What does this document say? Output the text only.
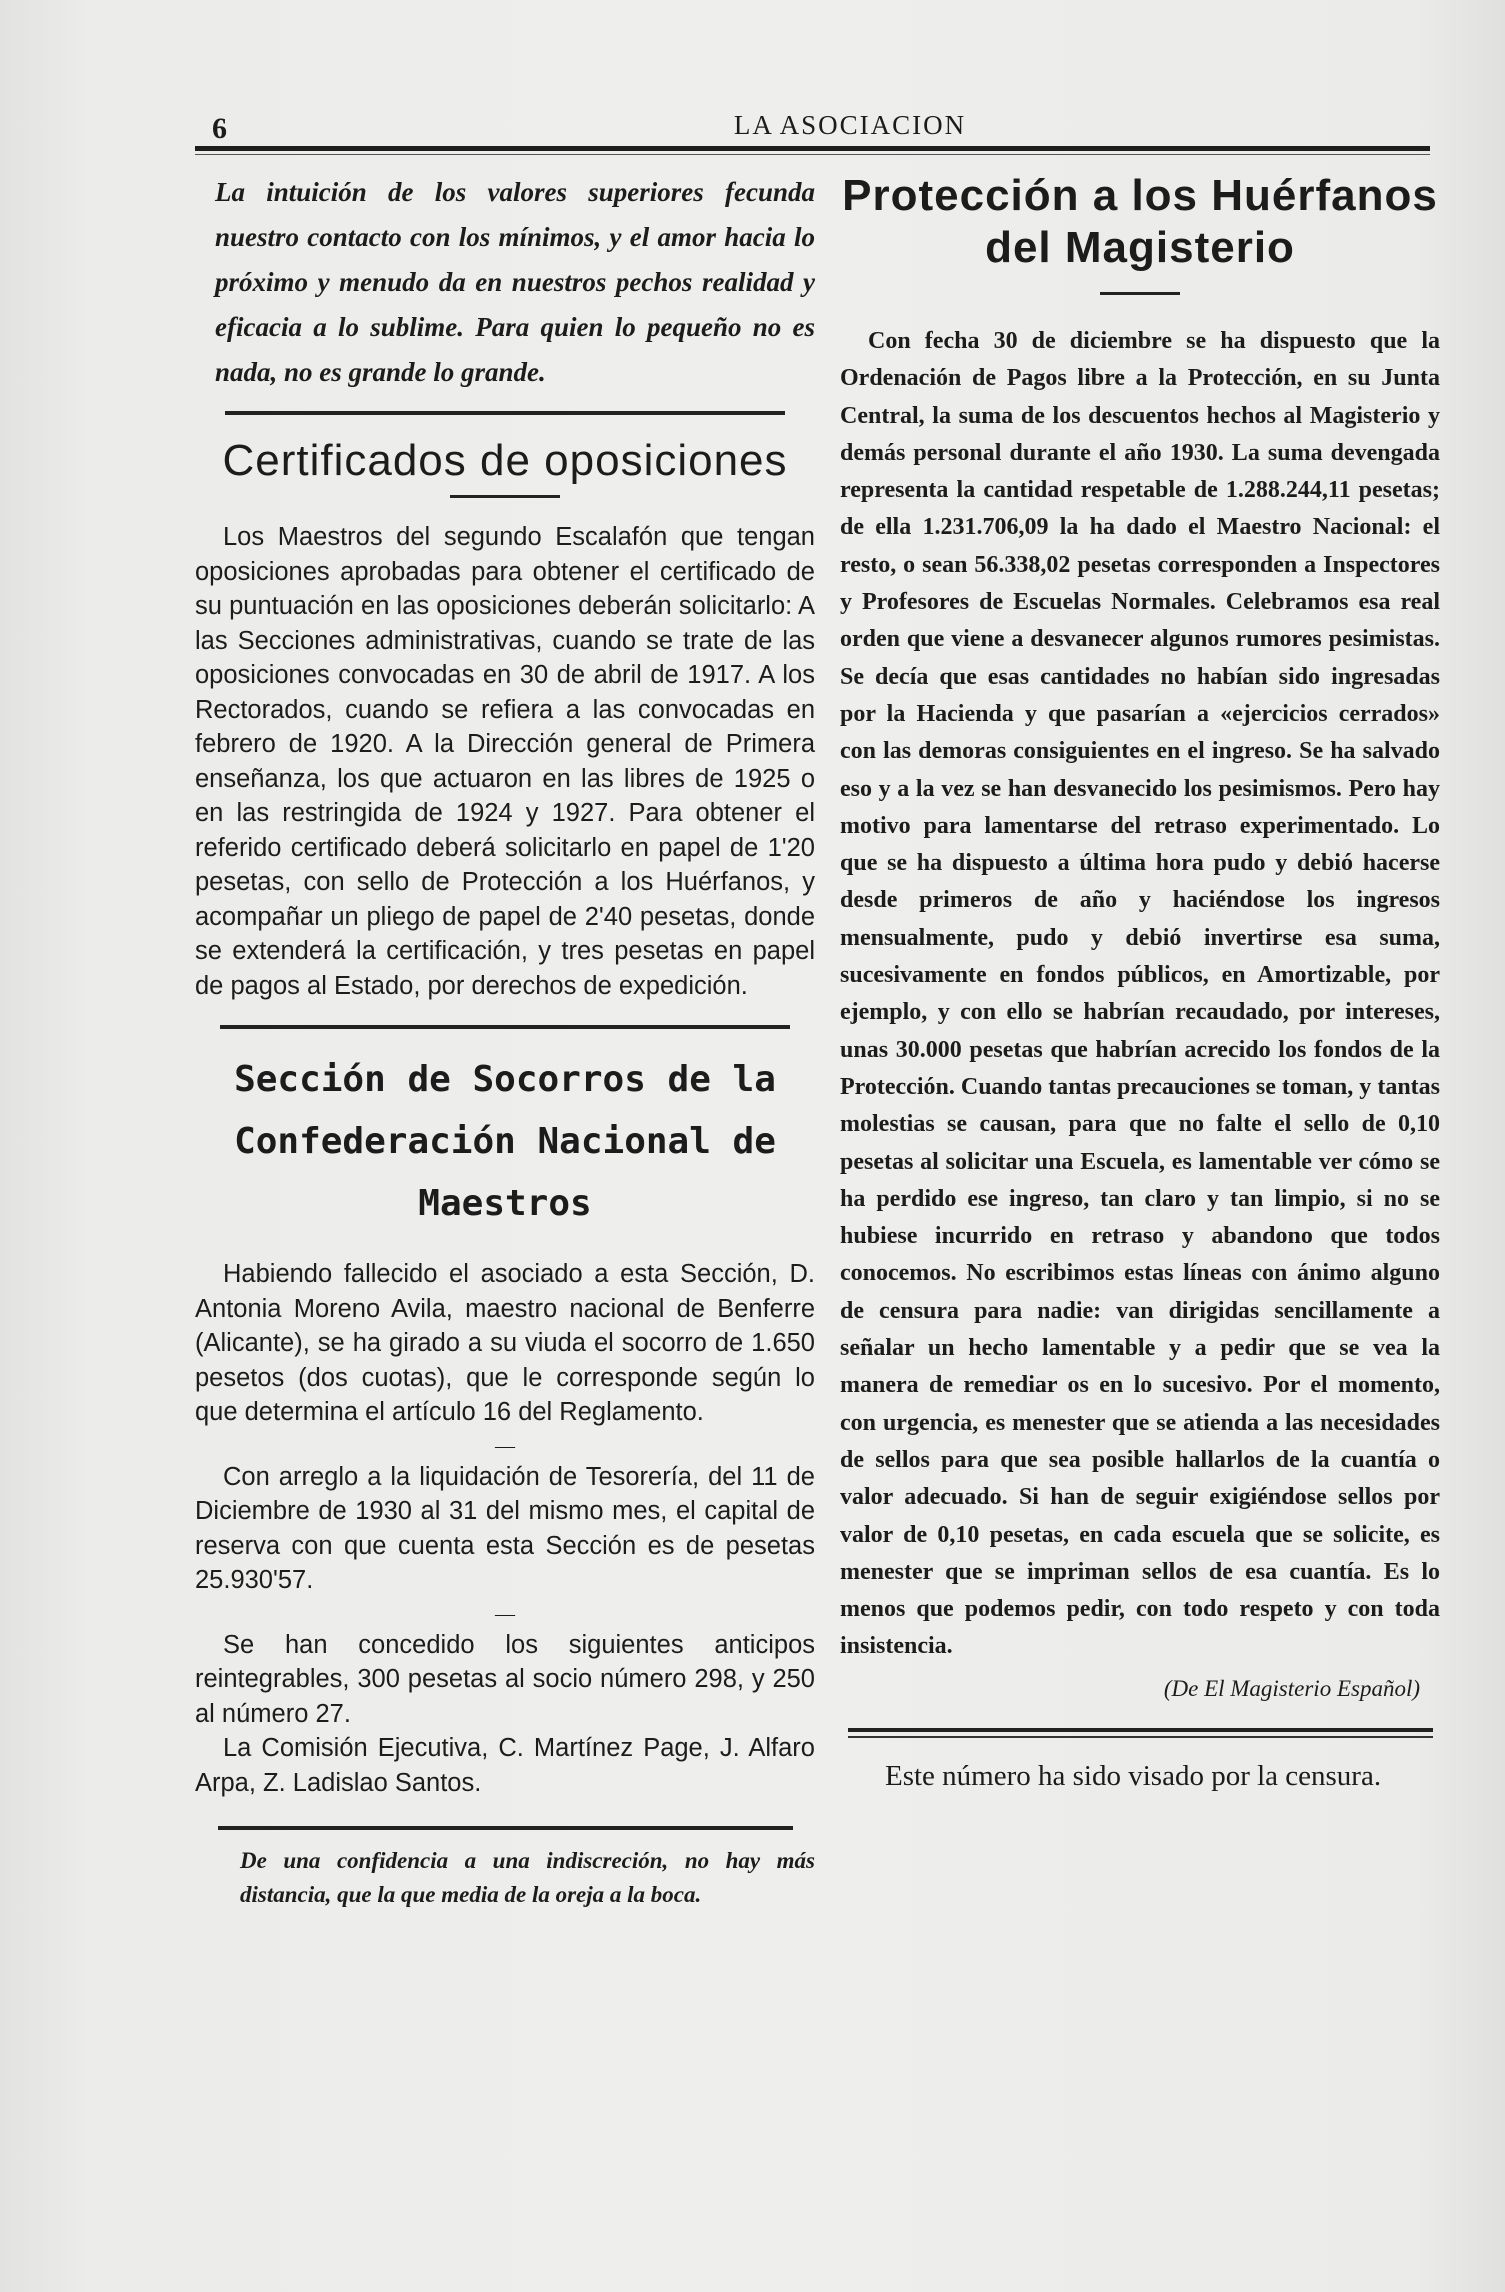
6	LA ASOCIACION

La intuición de los valores superiores fecunda nuestro contacto con los mínimos, y el amor hacia lo próximo y menudo da en nuestros pechos realidad y eficacia a lo sublime. Para quien lo pequeño no es nada, no es grande lo grande.

Certificados de oposiciones

Los Maestros del segundo Escalafón que tengan oposiciones aprobadas para obtener el certificado de su puntuación en las oposiciones deberán solicitarlo: A las Secciones administrativas, cuando se trate de las oposiciones convocadas en 30 de abril de 1917. A los Rectorados, cuando se refiera a las convocadas en febrero de 1920. A la Dirección general de Primera enseñanza, los que actuaron en las libres de 1925 o en las restringida de 1924 y 1927. Para obtener el referido certificado deberá solicitarlo en papel de 1'20 pesetas, con sello de Protección a los Huérfanos, y acompañar un pliego de papel de 2'40 pesetas, donde se extenderá la certificación, y tres pesetas en papel de pagos al Estado, por derechos de expedición.

Sección de Socorros de la
Confederación Nacional de Maestros

Habiendo fallecido el asociado a esta Sección, D. Antonia Moreno Avila, maestro nacional de Benferre (Alicante), se ha girado a su viuda el socorro de 1.650 pesetos (dos cuotas), que le corresponde según lo que determina el artículo 16 del Reglamento.

—

Con arreglo a la liquidación de Tesorería, del 11 de Diciembre de 1930 al 31 del mismo mes, el capital de reserva con que cuenta esta Sección es de pesetas 25.930'57.

—

Se han concedido los siguientes anticipos reintegrables, 300 pesetas al socio número 298, y 250 al número 27.

La Comisión Ejecutiva, C. Martínez Page, J. Alfaro Arpa, Z. Ladislao Santos.

De una confidencia a una indiscreción, no hay más distancia, que la que media de la oreja a la boca.

Protección a los Huérfanos
del Magisterio

Con fecha 30 de diciembre se ha dispuesto que la Ordenación de Pagos libre a la Protección, en su Junta Central, la suma de los descuentos hechos al Magisterio y demás personal durante el año 1930. La suma devengada representa la cantidad respetable de 1.288.244,11 pesetas; de ella 1.231.706,09 la ha dado el Maestro Nacional: el resto, o sean 56.338,02 pesetas corresponden a Inspectores y Profesores de Escuelas Normales. Celebramos esa real orden que viene a desvanecer algunos rumores pesimistas. Se decía que esas cantidades no habían sido ingresadas por la Hacienda y que pasarían a «ejercicios cerrados» con las demoras consiguientes en el ingreso. Se ha salvado eso y a la vez se han desvanecido los pesimismos. Pero hay motivo para lamentarse del retraso experimentado. Lo que se ha dispuesto a última hora pudo y debió hacerse desde primeros de año y haciéndose los ingresos mensualmente, pudo y debió invertirse esa suma, sucesivamente en fondos públicos, en Amortizable, por ejemplo, y con ello se habrían recaudado, por intereses, unas 30.000 pesetas que habrían acrecido los fondos de la Protección. Cuando tantas precauciones se toman, y tantas molestias se causan, para que no falte el sello de 0,10 pesetas al solicitar una Escuela, es lamentable ver cómo se ha perdido ese ingreso, tan claro y tan limpio, si no se hubiese incurrido en retraso y abandono que todos conocemos. No escribimos estas líneas con ánimo alguno de censura para nadie: van dirigidas sencillamente a señalar un hecho lamentable y a pedir que se vea la manera de remediar os en lo sucesivo. Por el momento, con urgencia, es menester que se atienda a las necesidades de sellos para que sea posible hallarlos de la cuantía o valor adecuado. Si han de seguir exigiéndose sellos por valor de 0,10 pesetas, en cada escuela que se solicite, es menester que se impriman sellos de esa cuantía. Es lo menos que podemos pedir, con todo respeto y con toda insistencia.

(De El Magisterio Español)

Este número ha sido visado por la censura.
